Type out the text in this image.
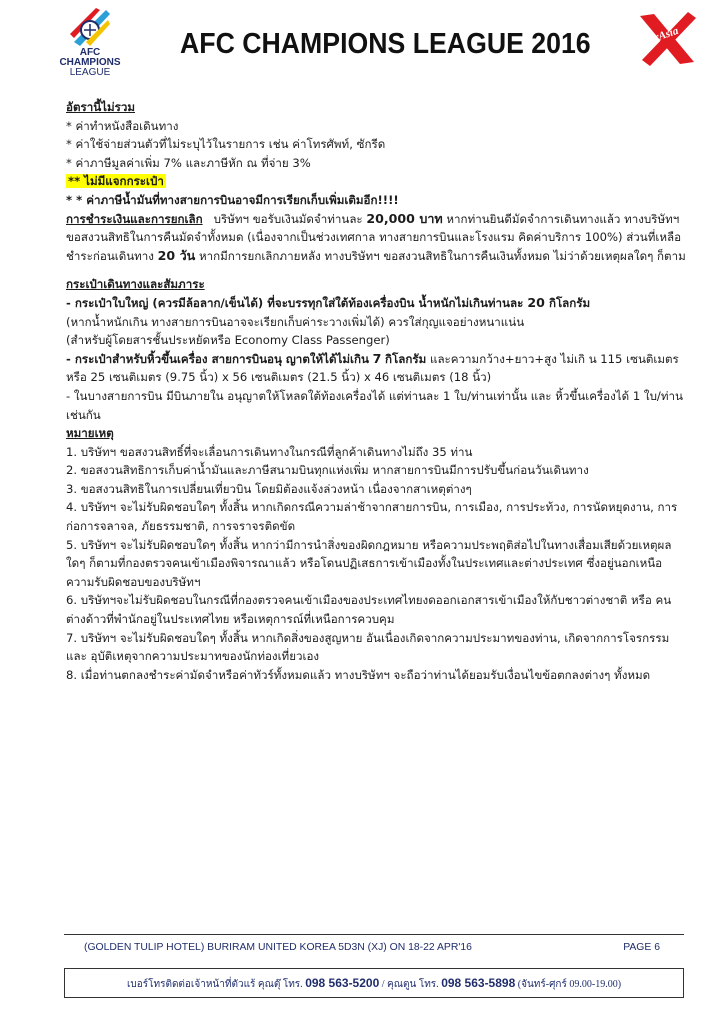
AFC
CHAMPIONS
LEAGUE
AFC CHAMPIONS LEAGUE 2016	AirAsia

อัตรานี้ไม่รวม

* ค่าทำหนังสือเดินทาง

* ค่าใช้จ่ายส่วนตัวที่ไม่ระบุไว้ในรายการ เช่น ค่าโทรศัพท์, ซักรีด

* ค่าภาษีมูลค่าเพิ่ม 7% และภาษีหัก ณ ที่จ่าย 3%

** ไม่มีแจกกระเป๋า

* * ค่าภาษีน้ำมันที่ทางสายการบินอาจมีการเรียกเก็บเพิ่มเติมอีก!!!!

การชำระเงินและการยกเลิก บริษัทฯ ขอรับเงินมัดจำท่านละ 20,000 บาท หากท่านยินดีมัดจำการเดินทางแล้ว ทางบริษัทฯ ขอสงวนสิทธิในการคืนมัดจำทั้งหมด (เนื่องจากเป็นช่วงเทศกาล ทางสายการบินและโรงแรม คิดค่าบริการ 100%) ส่วนที่เหลือชำระก่อนเดินทาง 20 วัน หากมีการยกเลิกภายหลัง ทางบริษัทฯ ขอสงวนสิทธิในการคืนเงินทั้งหมด ไม่ว่าด้วยเหตุผลใดๆ ก็ตาม

กระเป๋าเดินทางและสัมภาระ

- กระเป๋าใบใหญ่ (ควรมีล้อลาก/เข็นได้) ที่จะบรรทุกใส่ใต้ท้องเครื่องบิน น้ำหนักไม่เกินท่านละ 20 กิโลกรัม

(หากน้ำหนักเกิน ทางสายการบินอาจจะเรียกเก็บค่าระวางเพิ่มได้) ควรใส่กุญแจอย่างหนาแน่น

(สำหรับผู้โดยสารชั้นประหยัดหรือ Economy Class Passenger)

- กระเป๋าสำหรับหิ้วขึ้นเครื่อง สายการบินอนุ ญาตให้ได้ไม่เกิน 7 กิโลกรัม และความกว้าง+ยาว+สูง ไม่เกิ น 115 เซนติเมตร หรือ 25 เซนติเมตร (9.75 นิ้ว) x 56 เซนติเมตร (21.5 นิ้ว) x 46 เซนติเมตร (18 นิ้ว)

- ในบางสายการบิน มีบินภายใน อนุญาตให้โหลดใต้ท้องเครื่องได้ แต่ท่านละ 1 ใบ/ท่านเท่านั้น และ หิ้วขึ้นเครื่องได้ 1 ใบ/ท่านเช่นกัน

หมายเหตุ

1. บริษัทฯ ขอสงวนสิทธิ์ที่จะเลื่อนการเดินทางในกรณีที่ลูกค้าเดินทางไม่ถึง 35 ท่าน

2. ขอสงวนสิทธิการเก็บค่าน้ำมันและภาษีสนามบินทุกแห่งเพิ่ม หากสายการบินมีการปรับขึ้นก่อนวันเดินทาง

3. ขอสงวนสิทธิในการเปลี่ยนเที่ยวบิน โดยมิต้องแจ้งล่วงหน้า เนื่องจากสาเหตุต่างๆ

4. บริษัทฯ จะไม่รับผิดชอบใดๆ ทั้งสิ้น หากเกิดกรณีความล่าช้าจากสายการบิน, การเมือง, การประท้วง, การนัดหยุดงาน, การก่อการจลาจล, ภัยธรรมชาติ, การจราจรติดขัด

5. บริษัทฯ จะไม่รับผิดชอบใดๆ ทั้งสิ้น หากว่ามีการนำสิ่งของผิดกฎหมาย หรือความประพฤติส่อไปในทางเสื่อมเสียด้วยเหตุผลใดๆ ก็ตามที่กองตรวจคนเข้าเมืองพิจารณาแล้ว หรือโดนปฏิเสธการเข้าเมืองทั้งในประเทศและต่างประเทศ ซึ่งอยู่นอกเหนือความรับผิดชอบของบริษัทฯ

6. บริษัทฯจะไม่รับผิดชอบในกรณีที่กองตรวจคนเข้าเมืองของประเทศไทยงดออกเอกสารเข้าเมืองให้กับชาวต่างชาติ หรือ คนต่างด้าวที่พำนักอยู่ในประเทศไทย หรือเหตุการณ์ที่เหนือการควบคุม

7. บริษัทฯ จะไม่รับผิดชอบใดๆ ทั้งสิ้น หากเกิดสิ่งของสูญหาย อันเนื่องเกิดจากความประมาทของท่าน, เกิดจากการโจรกรรม และ อุบัติเหตุจากความประมาทของนักท่องเที่ยวเอง

8. เมื่อท่านตกลงชำระค่ามัดจำหรือค่าทัวร์ทั้งหมดแล้ว ทางบริษัทฯ จะถือว่าท่านได้ยอมรับเงื่อนไขข้อตกลงต่างๆ ทั้งหมด

(GOLDEN TULIP HOTEL) BURIRAM UNITED KOREA 5D3N (XJ) ON 18-22 APR'16	PAGE 6
เบอร์โทรติดต่อเจ้าหน้าที่ตัวแร้ คุณตุ๊ โทร. 098 563-5200 / คุณตูน โทร. 098 563-5898 (จันทร์-ศุกร์ 09.00-19.00)
